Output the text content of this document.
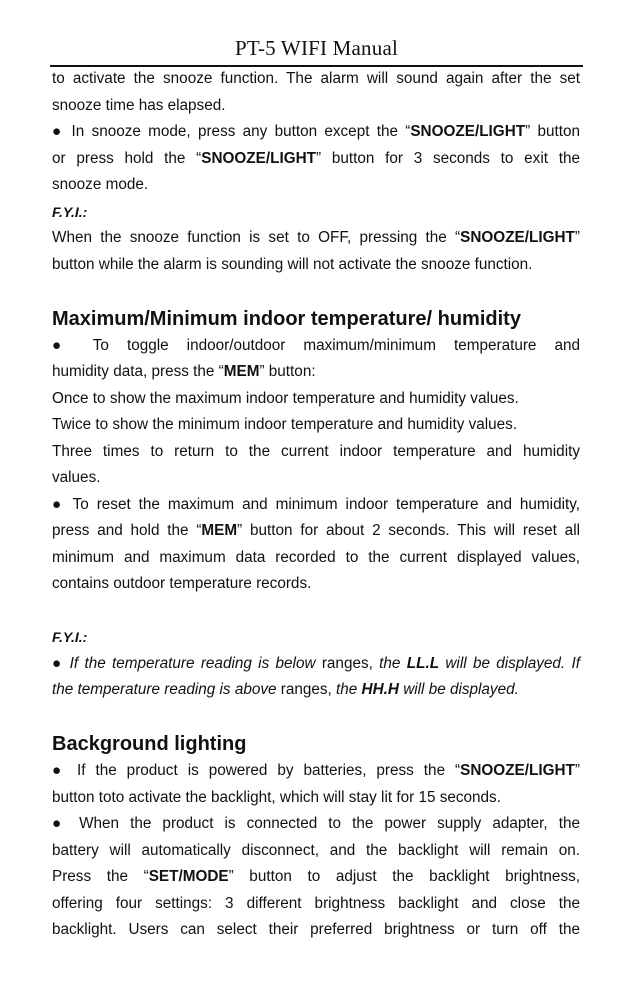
PT-5 WIFI Manual
to activate the snooze function. The alarm will sound again after the set
snooze time has elapsed.
● In snooze mode, press any button except the “SNOOZE/LIGHT” button
or press hold the “SNOOZE/LIGHT” button for 3 seconds to exit the
snooze mode.
F.Y.I.:
When the snooze function is set to OFF, pressing the “SNOOZE/LIGHT”
button while the alarm is sounding will not activate the snooze function.
Maximum/Minimum indoor temperature/ humidity
● To toggle indoor/outdoor maximum/minimum temperature and
humidity data, press the “MEM” button:
Once to show the maximum indoor temperature and humidity values.
Twice to show the minimum indoor temperature and humidity values.
Three times to return to the current indoor temperature and humidity
values.
● To reset the maximum and minimum indoor temperature and humidity,
press and hold the “MEM” button for about 2 seconds. This will reset all
minimum and maximum data recorded to the current displayed values,
contains outdoor temperature records.
F.Y.I.:
● If the temperature reading is below ranges, the LL.L will be displayed. If
the temperature reading is above ranges, the HH.H will be displayed.
Background lighting
● If the product is powered by batteries, press the “SNOOZE/LIGHT”
button toto activate the backlight, which will stay lit for 15 seconds.
● When the product is connected to the power supply adapter, the
battery will automatically disconnect, and the backlight will remain on.
Press the “SET/MODE” button to adjust the backlight brightness,
offering four settings: 3 different brightness backlight and close the
backlight. Users can select their preferred brightness or turn off the
